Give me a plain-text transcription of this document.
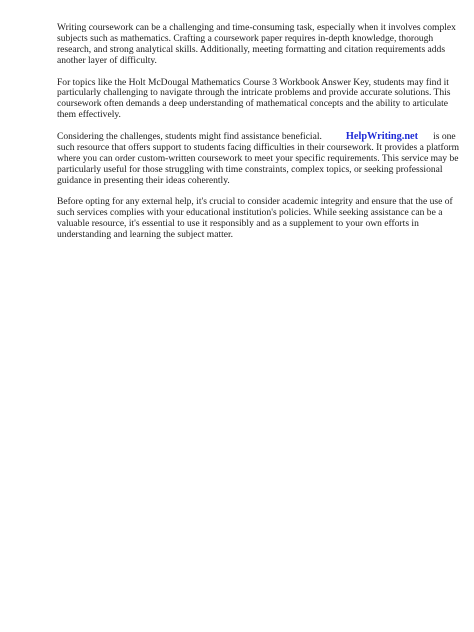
Writing coursework can be a challenging and time-consuming task, especially when it involves complex subjects such as mathematics. Crafting a coursework paper requires in-depth knowledge, thorough research, and strong analytical skills. Additionally, meeting formatting and citation requirements adds another layer of difficulty.

For topics like the Holt McDougal Mathematics Course 3 Workbook Answer Key, students may find it particularly challenging to navigate through the intricate problems and provide accurate solutions. This coursework often demands a deep understanding of mathematical concepts and the ability to articulate them effectively.

Considering the challenges, students might find assistance beneficial. HelpWriting.net is one such resource that offers support to students facing difficulties in their coursework. It provides a platform where you can order custom-written coursework to meet your specific requirements. This service may be particularly useful for those struggling with time constraints, complex topics, or seeking professional guidance in presenting their ideas coherently.

Before opting for any external help, it's crucial to consider academic integrity and ensure that the use of such services complies with your educational institution's policies. While seeking assistance can be a valuable resource, it's essential to use it responsibly and as a supplement to your own efforts in understanding and learning the subject matter.
